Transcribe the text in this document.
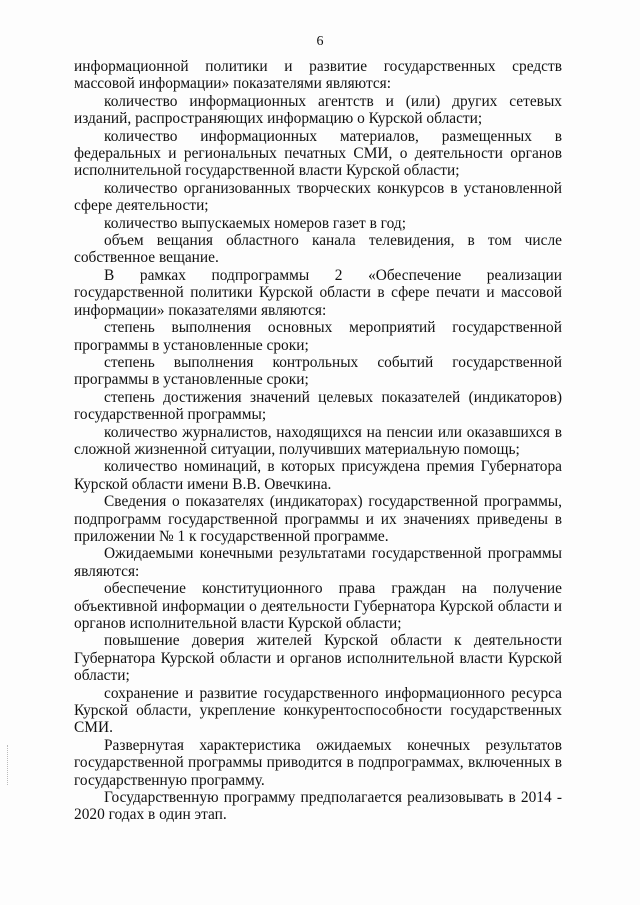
6

информационной политики и развитие государственных средств массовой информации» показателями являются:

количество информационных агентств и (или) других сетевых изданий, распространяющих информацию о Курской области;

количество информационных материалов, размещенных в федеральных и региональных печатных СМИ, о деятельности органов исполнительной государственной власти Курской области;

количество организованных творческих конкурсов в установленной сфере деятельности;

количество выпускаемых номеров газет в год;

объем вещания областного канала телевидения, в том числе собственное вещание.

В рамках подпрограммы 2 «Обеспечение реализации государственной политики Курской области в сфере печати и массовой информации» показателями являются:

степень выполнения основных мероприятий государственной программы в установленные сроки;

степень выполнения контрольных событий государственной программы в установленные сроки;

степень достижения значений целевых показателей (индикаторов) государственной программы;

количество журналистов, находящихся на пенсии или оказавшихся в сложной жизненной ситуации, получивших материальную помощь;

количество номинаций, в которых присуждена премия Губернатора Курской области имени В.В. Овечкина.

Сведения о показателях (индикаторах) государственной программы, подпрограмм государственной программы и их значениях приведены в приложении № 1 к государственной программе.

Ожидаемыми конечными результатами государственной программы являются:

обеспечение конституционного права граждан на получение объективной информации о деятельности Губернатора Курской области и органов исполнительной власти Курской области;

повышение доверия жителей Курской области к деятельности Губернатора Курской области и органов исполнительной власти Курской области;

сохранение и развитие государственного информационного ресурса Курской области, укрепление конкурентоспособности государственных СМИ.

Развернутая характеристика ожидаемых конечных результатов государственной программы приводится в подпрограммах, включенных в государственную программу.

Государственную программу предполагается реализовывать в 2014 - 2020 годах в один этап.
